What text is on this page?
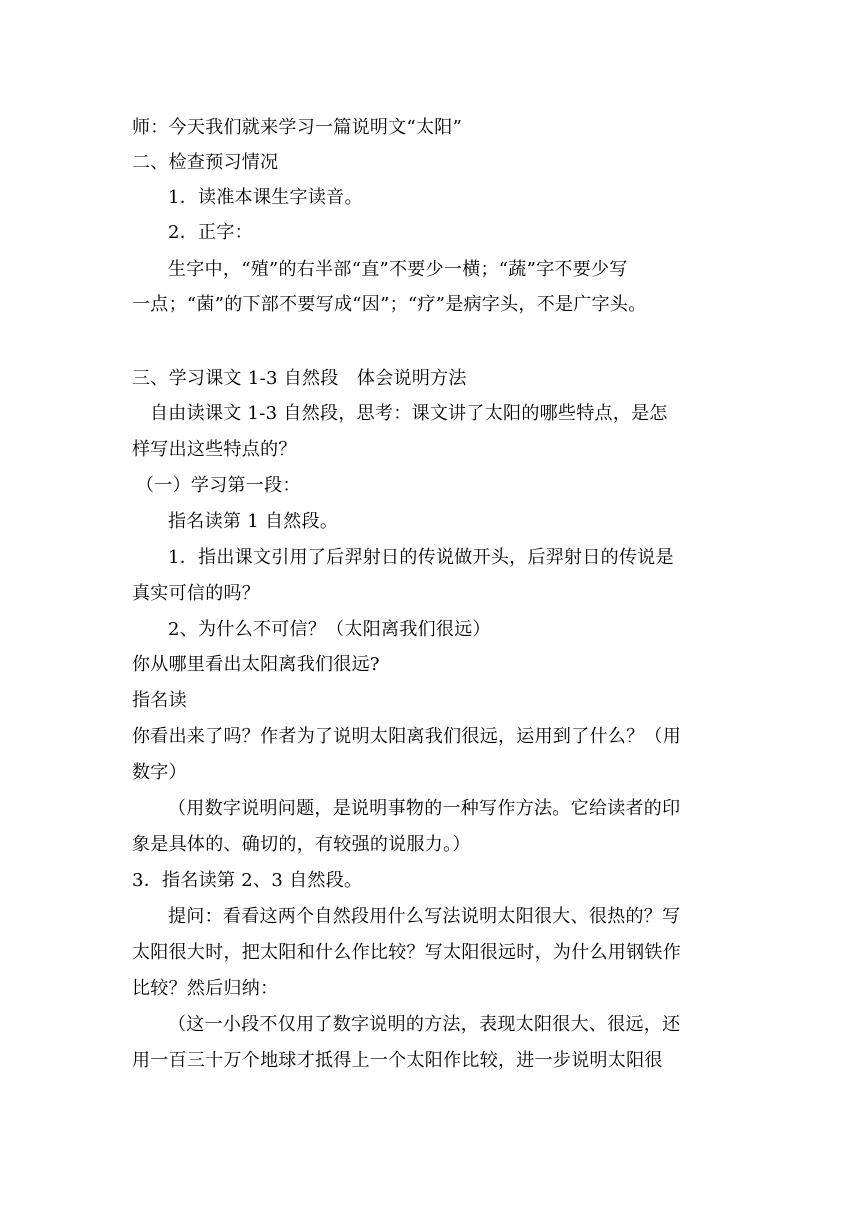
师：今天我们就来学习一篇说明文“太阳”
二、检查预习情况
1．读准本课生字读音。
2．正字：
生字中，“殖”的右半部“直”不要少一横；“蔬”字不要少写
一点；“菌”的下部不要写成“因”；“疗”是病字头，不是广字头。
三、学习课文 1-3 自然段　体会说明方法
自由读课文 1-3 自然段，思考：课文讲了太阳的哪些特点，是怎
样写出这些特点的？
（一）学习第一段：
指名读第 1 自然段。
1．指出课文引用了后羿射日的传说做开头，后羿射日的传说是
真实可信的吗？
2、为什么不可信？（太阳离我们很远）
你从哪里看出太阳离我们很远?
指名读
你看出来了吗？作者为了说明太阳离我们很远，运用到了什么？（用
数字）
（用数字说明问题，是说明事物的一种写作方法。它给读者的印
象是具体的、确切的，有较强的说服力。）
3．指名读第 2、3 自然段。
提问：看看这两个自然段用什么写法说明太阳很大、很热的？写
太阳很大时，把太阳和什么作比较？写太阳很远时，为什么用钢铁作
比较？然后归纳：
（这一小段不仅用了数字说明的方法，表现太阳很大、很远，还
用一百三十万个地球才抵得上一个太阳作比较，进一步说明太阳很
